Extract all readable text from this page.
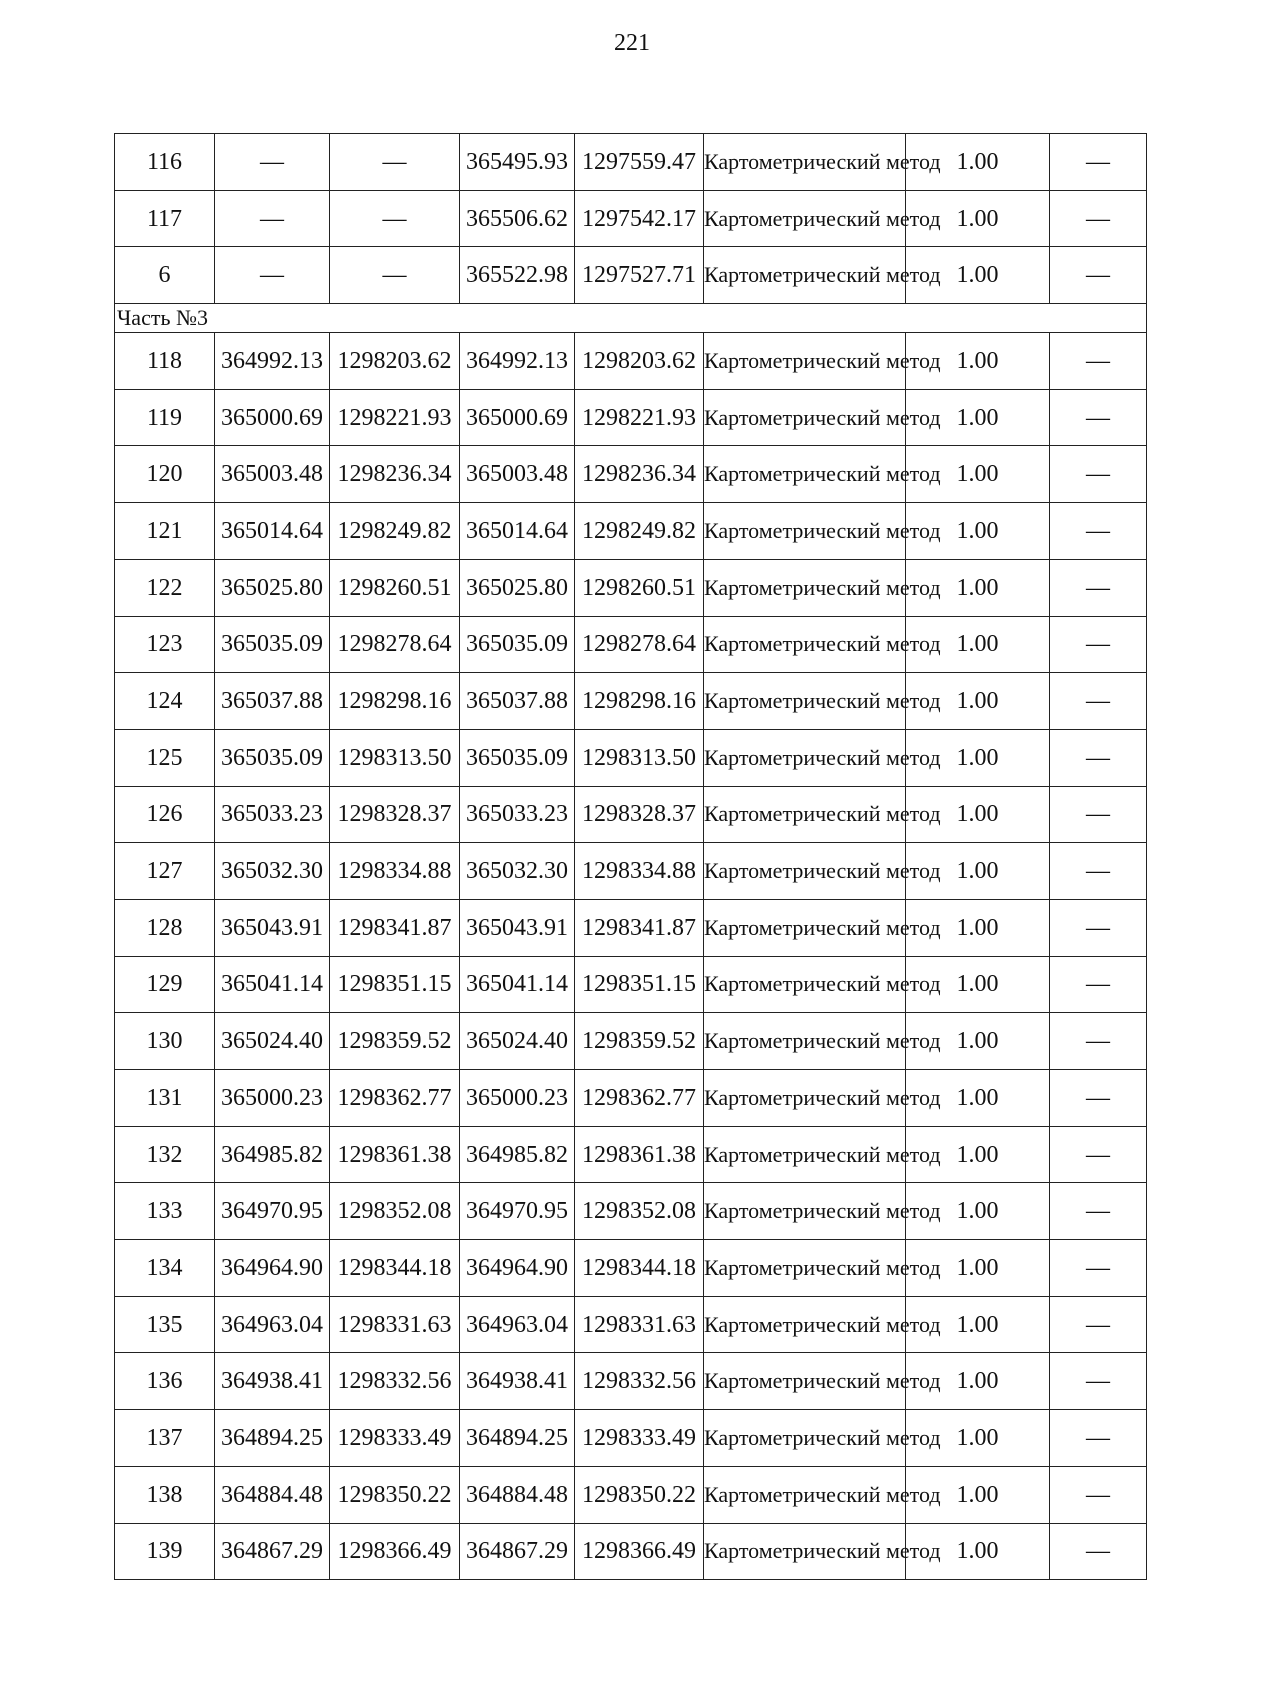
221
116	—	—	365495.93	1297559.47	Картометрический метод	1.00	—
117	—	—	365506.62	1297542.17	Картометрический метод	1.00	—
6	—	—	365522.98	1297527.71	Картометрический метод	1.00	—
Часть №3							
118	364992.13	1298203.62	364992.13	1298203.62	Картометрический метод	1.00	—
119	365000.69	1298221.93	365000.69	1298221.93	Картометрический метод	1.00	—
120	365003.48	1298236.34	365003.48	1298236.34	Картометрический метод	1.00	—
121	365014.64	1298249.82	365014.64	1298249.82	Картометрический метод	1.00	—
122	365025.80	1298260.51	365025.80	1298260.51	Картометрический метод	1.00	—
123	365035.09	1298278.64	365035.09	1298278.64	Картометрический метод	1.00	—
124	365037.88	1298298.16	365037.88	1298298.16	Картометрический метод	1.00	—
125	365035.09	1298313.50	365035.09	1298313.50	Картометрический метод	1.00	—
126	365033.23	1298328.37	365033.23	1298328.37	Картометрический метод	1.00	—
127	365032.30	1298334.88	365032.30	1298334.88	Картометрический метод	1.00	—
128	365043.91	1298341.87	365043.91	1298341.87	Картометрический метод	1.00	—
129	365041.14	1298351.15	365041.14	1298351.15	Картометрический метод	1.00	—
130	365024.40	1298359.52	365024.40	1298359.52	Картометрический метод	1.00	—
131	365000.23	1298362.77	365000.23	1298362.77	Картометрический метод	1.00	—
132	364985.82	1298361.38	364985.82	1298361.38	Картометрический метод	1.00	—
133	364970.95	1298352.08	364970.95	1298352.08	Картометрический метод	1.00	—
134	364964.90	1298344.18	364964.90	1298344.18	Картометрический метод	1.00	—
135	364963.04	1298331.63	364963.04	1298331.63	Картометрический метод	1.00	—
136	364938.41	1298332.56	364938.41	1298332.56	Картометрический метод	1.00	—
137	364894.25	1298333.49	364894.25	1298333.49	Картометрический метод	1.00	—
138	364884.48	1298350.22	364884.48	1298350.22	Картометрический метод	1.00	—
139	364867.29	1298366.49	364867.29	1298366.49	Картометрический метод	1.00	—
